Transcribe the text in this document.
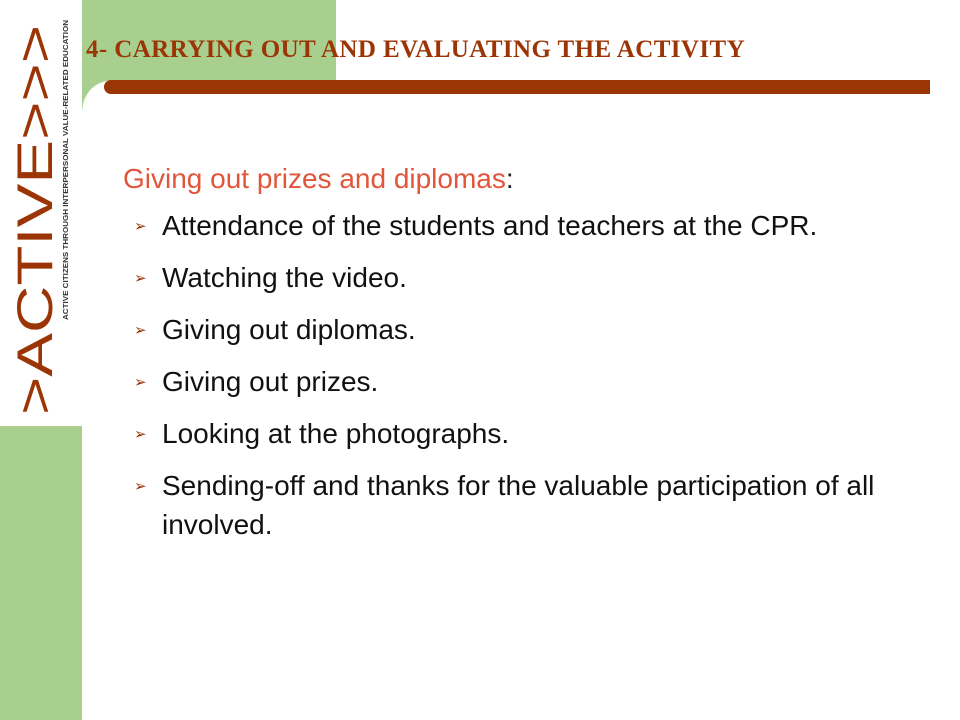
4- CARRYING OUT AND EVALUATING THE ACTIVITY
>ACTIVE>>> ACTIVE CITIZENS THROUGH INTERPERSONAL VALUE-RELATED EDUCATION Giving out prizes and diplomas:

➢ Attendance of the students and teachers at the CPR.
➢ Watching the video.
➢ Giving out diplomas.
➢ Giving out prizes.
➢ Looking at the photographs.
➢ Sending-off and thanks for the valuable participation of all involved.
